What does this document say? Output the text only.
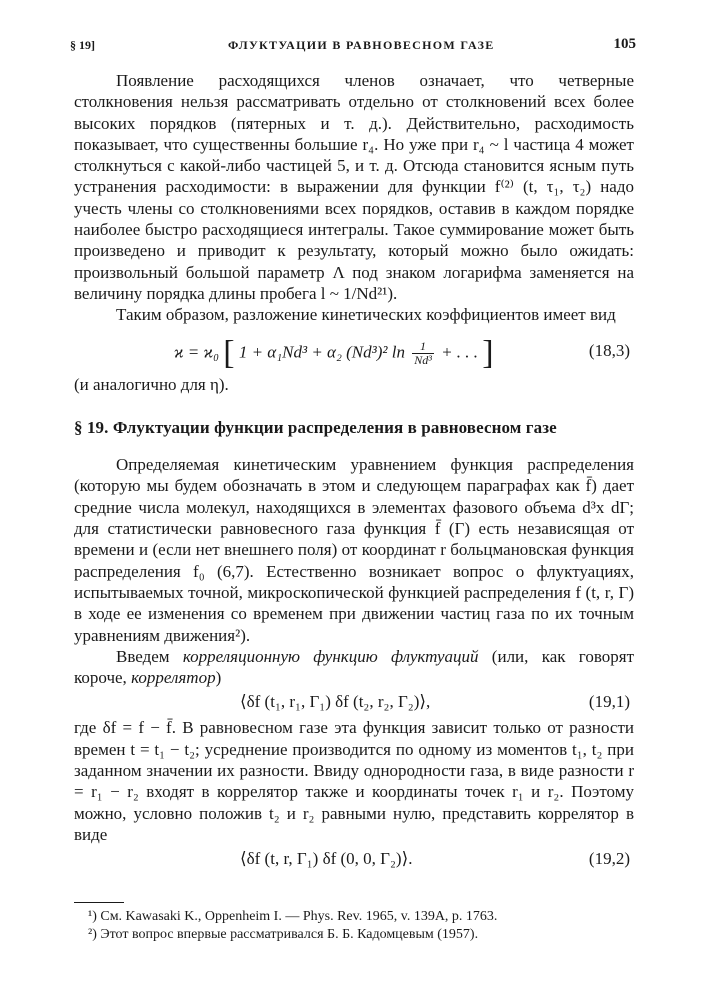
§ 19]	ФЛУКТУАЦИИ В РАВНОВЕСНОМ ГАЗЕ	105

Появление расходящихся членов означает, что четверные столкновения нельзя рассматривать отдельно от столкновений всех более высоких порядков (пятерных и т. д.). Действительно, расходимость показывает, что существенны большие r₄. Но уже при r₄ ~ l частица 4 может столкнуться с какой-либо частицей 5, и т. д. Отсюда становится ясным путь устранения расходимости: в выражении для функции f⁽²⁾ (t, τ₁, τ₂) надо учесть члены со столкновениями всех порядков, оставив в каждом порядке наиболее быстро расходящиеся интегралы. Такое суммирование может быть произведено и приводит к результату, который можно было ожидать: произвольный большой параметр Λ под знаком логарифма заменяется на величину порядка длины пробега l ~ 1/Nd²¹).

Таким образом, разложение кинетических коэффициентов имеет вид

ϰ = ϰ₀ [ 1 + α₁Nd³ + α₂ (Nd³)² $\ln \frac{1}{\text{Nd³}}$ + . . . ]	(18,3)

(и аналогично для η).

§ 19. Флуктуации функции распределения в равновесном газе

Определяемая кинетическим уравнением функция распределения (которую мы будем обозначать в этом и следующем параграфах как f̄) дает средние числа молекул, находящихся в элементах фазового объема d³x dΓ; для статистически равновесного газа функция f̄ (Γ) есть независящая от времени и (если нет внешнего поля) от координат r больцмановская функция распределения f₀ (6,7). Естественно возникает вопрос о флуктуациях, испытываемых точной, микроскопической функцией распределения f (t, r, Γ) в ходе ее изменения со временем при движении частиц газа по их точным уравнениям движения²).

Введем корреляционную функцию флуктуаций (или, как говорят короче, коррелятор)

⟨δf (t₁, r₁, Γ₁) δf (t₂, r₂, Γ₂)⟩,	(19,1)

где δf = f − f̄. В равновесном газе эта функция зависит только от разности времен t = t₁ − t₂; усреднение производится по одному из моментов t₁, t₂ при заданном значении их разности. Ввиду однородности газа, в виде разности r = r₁ − r₂ входят в коррелятор также и координаты точек r₁ и r₂. Поэтому можно, условно положив t₂ и r₂ равными нулю, представить коррелятор в виде

⟨δf (t, r, Γ₁) δf (0, 0, Γ₂)⟩.	(19,2)

¹) См. Kawasaki K., Oppenheim I. — Phys. Rev. 1965, v. 139A, p. 1763.

²) Этот вопрос впервые рассматривался Б. Б. Кадомцевым (1957).
